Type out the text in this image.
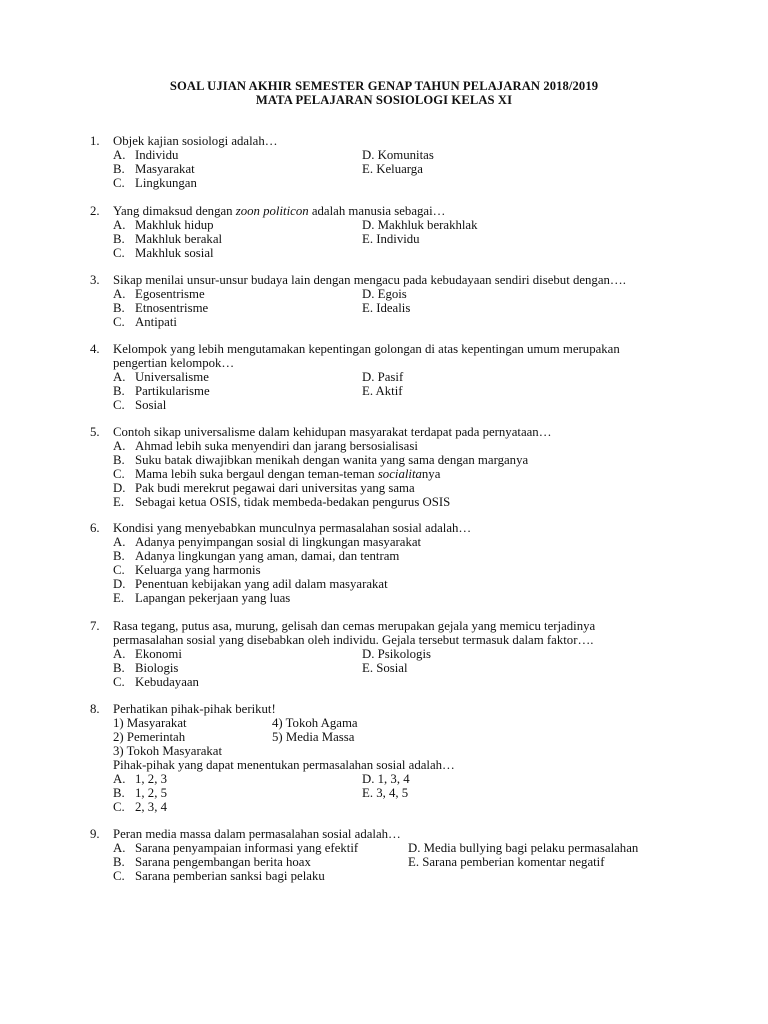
SOAL UJIAN AKHIR SEMESTER GENAP TAHUN PELAJARAN 2018/2019
MATA PELAJARAN SOSIOLOGI KELAS XI
1. Objek kajian sosiologi adalah…
A. Individu
B. Masyarakat
C. Lingkungan
D. Komunitas
E. Keluarga
2. Yang dimaksud dengan zoon politicon adalah manusia sebagai…
A. Makhluk hidup
B. Makhluk berakal
C. Makhluk sosial
D. Makhluk berakhlak
E. Individu
3. Sikap menilai unsur-unsur budaya lain dengan mengacu pada kebudayaan sendiri disebut dengan….
A. Egosentrisme
B. Etnosentrisme
C. Antipati
D. Egois
E. Idealis
4. Kelompok yang lebih mengutamakan kepentingan golongan di atas kepentingan umum merupakan
pengertian kelompok…
A. Universalisme
B. Partikularisme
C. Sosial
D. Pasif
E. Aktif
5. Contoh sikap universalisme dalam kehidupan masyarakat terdapat pada pernyataan…
A. Ahmad lebih suka menyendiri dan jarang bersosialisasi
B. Suku batak diwajibkan menikah dengan wanita yang sama dengan marganya
C. Mama lebih suka bergaul dengan teman-teman socialitanya
D. Pak budi merekrut pegawai dari universitas yang sama
E. Sebagai ketua OSIS, tidak membeda-bedakan pengurus OSIS
6. Kondisi yang menyebabkan munculnya permasalahan sosial adalah…
A. Adanya penyimpangan sosial di lingkungan masyarakat
B. Adanya lingkungan yang aman, damai, dan tentram
C. Keluarga yang harmonis
D. Penentuan kebijakan yang adil dalam masyarakat
E. Lapangan pekerjaan yang luas
7. Rasa tegang, putus asa, murung, gelisah dan cemas merupakan gejala yang memicu terjadinya
permasalahan sosial yang disebabkan oleh individu. Gejala tersebut termasuk dalam faktor….
A. Ekonomi
B. Biologis
C. Kebudayaan
D. Psikologis
E. Sosial
8. Perhatikan pihak-pihak berikut!
1) Masyarakat
2) Pemerintah
3) Tokoh Masyarakat
4) Tokoh Agama
5) Media Massa
Pihak-pihak yang dapat menentukan permasalahan sosial adalah…
A. 1, 2, 3
B. 1, 2, 5
C. 2, 3, 4
D. 1, 3, 4
E. 3, 4, 5
9. Peran media massa dalam permasalahan sosial adalah…
A. Sarana penyampaian informasi yang efektif
B. Sarana pengembangan berita hoax
C. Sarana pemberian sanksi bagi pelaku
D. Media bullying bagi pelaku permasalahan
E. Sarana pemberian komentar negatif
